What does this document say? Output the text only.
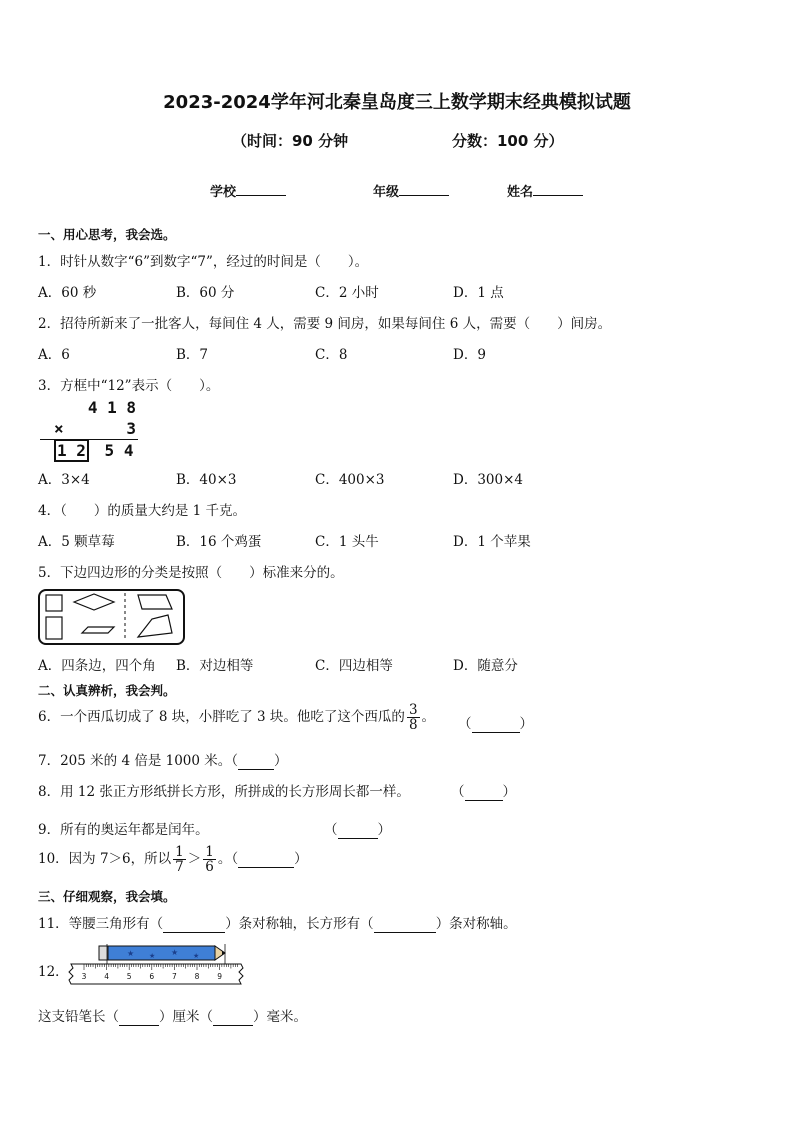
2023-2024学年河北秦皇岛度三上数学期末经典模拟试题
（时间：90 分钟	分数：100 分）
学校	年级	姓名
一、用心思考，我会选。
1．时针从数字“6”到数字“7”，经过的时间是（　　）。
A．60 秒	B．60 分	C．2 小时	D．1 点
2．招待所新来了一批客人，每间住 4 人，需要 9 间房，如果每间住 6 人，需要（　　）间房。
A．6	B．7	C．8	D．9
3．方框中“12”表示（　　）。
4 1 8
×	3
1 2 5 4
A．3×4	B．40×3	C．400×3	D．300×4
4．（　　）的质量大约是 1 千克。
A．5 颗草莓	B．16 个鸡蛋	C．1 头牛	D．1 个苹果
5．下边四边形的分类是按照（　　）标准来分的。
A．四条边，四个角 B．对边相等	C．四边相等	D．随意分
二、认真辨析，我会判。
6．一个西瓜切成了 8 块，小胖吃了 3 块。他吃了这个西瓜的 $\frac{3}{8}$ 。 （	）
7．205 米的 4 倍是 1000 米。（	）
8．用 12 张正方形纸拼长方形，所拼成的长方形周长都一样。	（	）
9．所有的奥运年都是闰年。	（	）
10．因为 7＞6，所以 $\frac{1}{7} > \frac{1}{6}$ 。（	）
三、仔细观察，我会填。
11．等腰三角形有（	）条对称轴，长方形有（	）条对称轴。
12．
★ ★ ★ ★
3 4 5 6 7 8 9
这支铅笔长（	）厘米（	）毫米。
